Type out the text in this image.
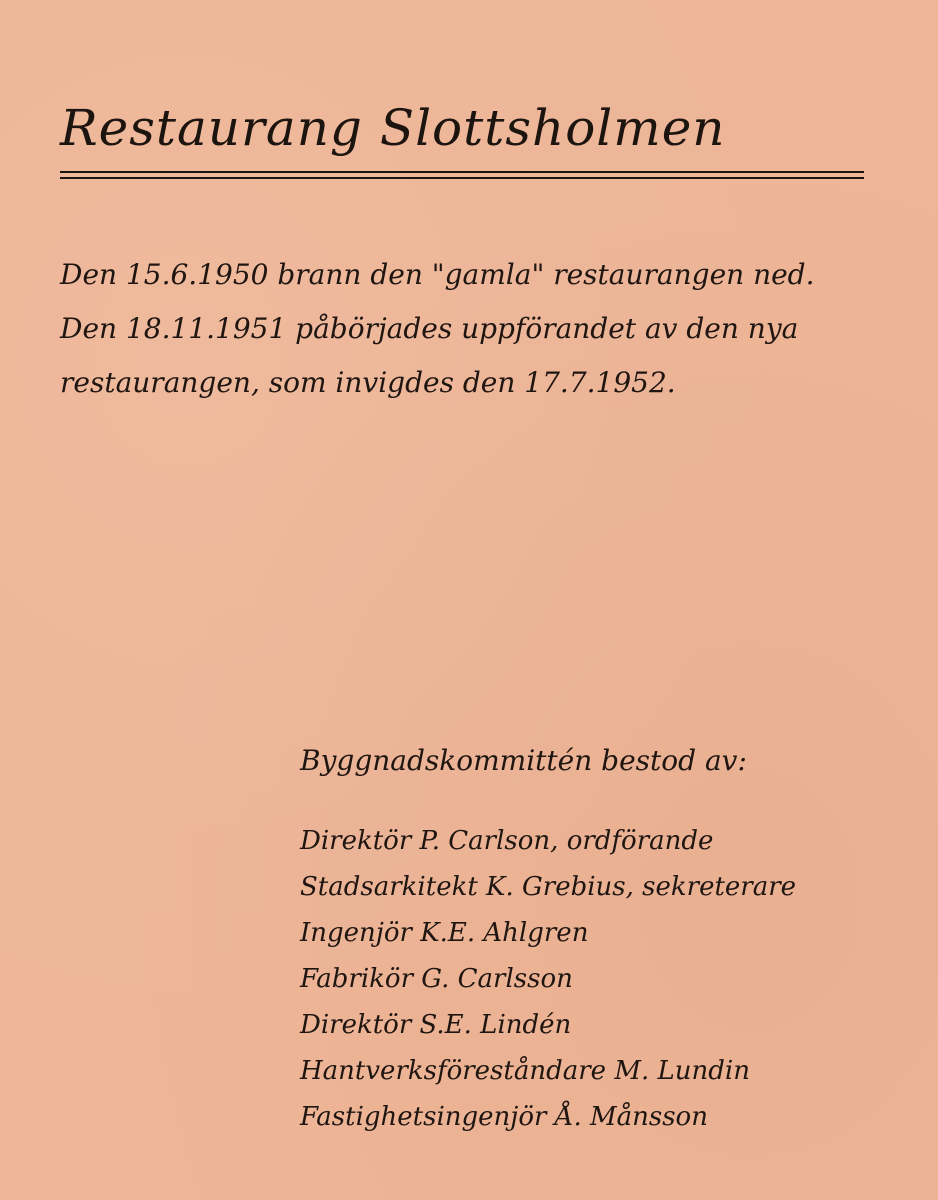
Restaurang Slottsholmen
Den 15.6.1950 brann den "gamla" restaurangen ned.
Den 18.11.1951 påbörjades uppförandet av den nya
restaurangen, som invigdes den 17.7.1952.
Byggnadskommittén bestod av:
Direktör P. Carlson, ordförande
Stadsarkitekt K. Grebius, sekreterare
Ingenjör K.E. Ahlgren
Fabrikör G. Carlsson
Direktör S.E. Lindén
Hantverksföreståndare M. Lundin
Fastighetsingenjör Å. Månsson
